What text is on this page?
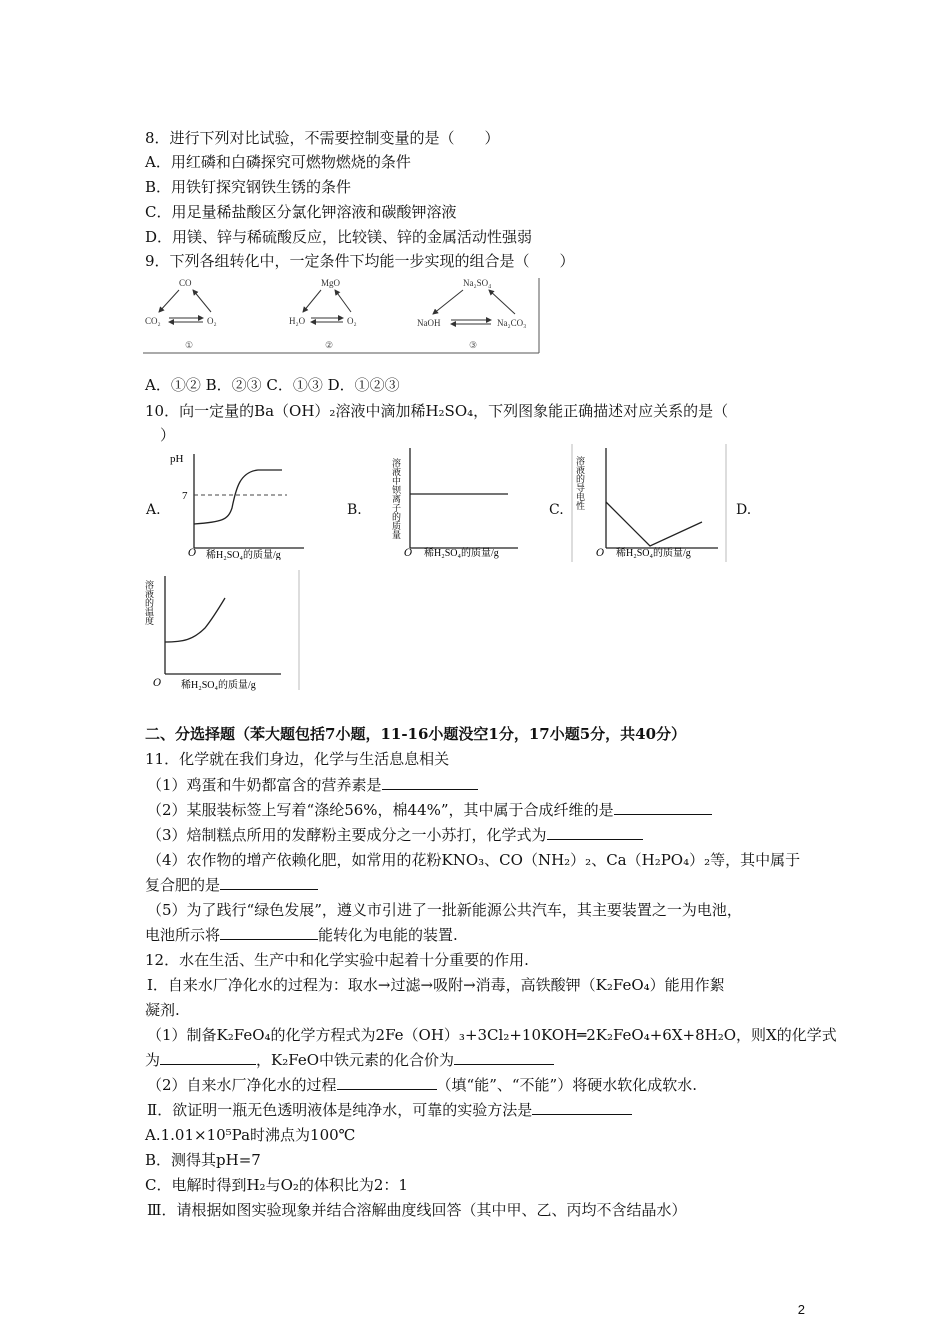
8．进行下列对比试验，不需要控制变量的是（　　）
A．用红磷和白磷探究可燃物燃烧的条件
B．用铁钉探究钢铁生锈的条件
C．用足量稀盐酸区分氯化钾溶液和碳酸钾溶液
D．用镁、锌与稀硫酸反应，比较镁、锌的金属活动性强弱
9．下列各组转化中，一定条件下均能一步实现的组合是（　　）
CO
CO₂	O₂
①
MgO
H₂O	O₂
②
Na₂SO₄
NaOH	Na₂CO₃
③
A．①② B．②③ C．①③ D．①②③
10．向一定量的Ba（OH）₂溶液中滴加稀H₂SO₄，下列图象能正确描述对应关系的是（
　）
A.
pH
7
O 稀H₂SO₄的质量/g
B.	溶液中钡离子的质量
O 稀H₂SO₄的质量/g
C. 溶液的导电性
O 稀H₂SO₄的质量/g
D.
溶液的温度
O 稀H₂SO₄的质量/g
二、分选择题（苯大题包括7小题，11-16小题没空1分，17小题5分，共40分）
11．化学就在我们身边，化学与生活息息相关
（1）鸡蛋和牛奶都富含的营养素是
（2）某服装标签上写着“涤纶56%，棉44%”，其中属于合成纤维的是
（3）焙制糕点所用的发酵粉主要成分之一小苏打，化学式为
（4）农作物的增产依赖化肥，如常用的花粉KNO₃、CO（NH₂）₂、Ca（H₂PO₄）₂等，其中属于
复合肥的是
（5）为了践行“绿色发展”，遵义市引进了一批新能源公共汽车，其主要装置之一为电池，
电池所示将	能转化为电能的装置.
12．水在生活、生产中和化学实验中起着十分重要的作用.
Ⅰ．自来水厂净化水的过程为：取水→过滤→吸附→消毒，高铁酸钾（K₂FeO₄）能用作絮
凝剂.
（1）制备K₂FeO₄的化学方程式为2Fe（OH）₃+3Cl₂+10KOH═2K₂FeO₄+6X+8H₂O，则X的化学式
为	，K₂FeO中铁元素的化合价为
（2）自来水厂净化水的过程	（填“能”、“不能”）将硬水软化成软水.
Ⅱ．欲证明一瓶无色透明液体是纯净水，可靠的实验方法是
A.1.01×10⁵Pa时沸点为100℃
B．测得其pH=7
C．电解时得到H₂与O₂的体积比为2：1
Ⅲ．请根据如图实验现象并结合溶解曲度线回答（其中甲、乙、丙均不含结晶水）
2
